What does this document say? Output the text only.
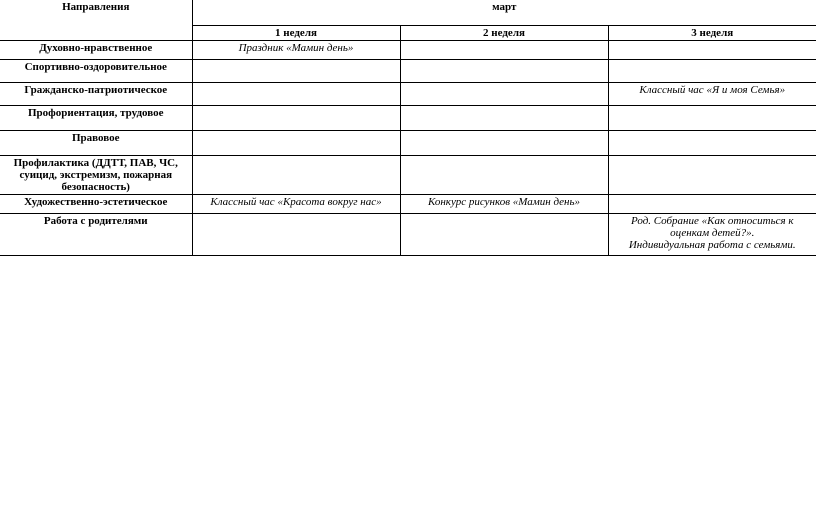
Направления	март		
	1 неделя	2 неделя	3 неделя
Духовно-нравственное	Праздник «Мамин день»		
Спортивно-оздоровительное			
Гражданско-патриотическое			Классный час «Я и моя Семья»
Профориентация, трудовое			
Правовое			
Профилактика (ДДТТ, ПАВ, ЧС, суицид, экстремизм, пожарная безопасность)			
Художественно-эстетическое	Классный час «Красота вокруг нас»	Конкурс рисунков «Мамин день»	
Работа с родителями			Род. Собрание «Как относиться к оценкам детей?».
Индивидуальная работа с семьями.
